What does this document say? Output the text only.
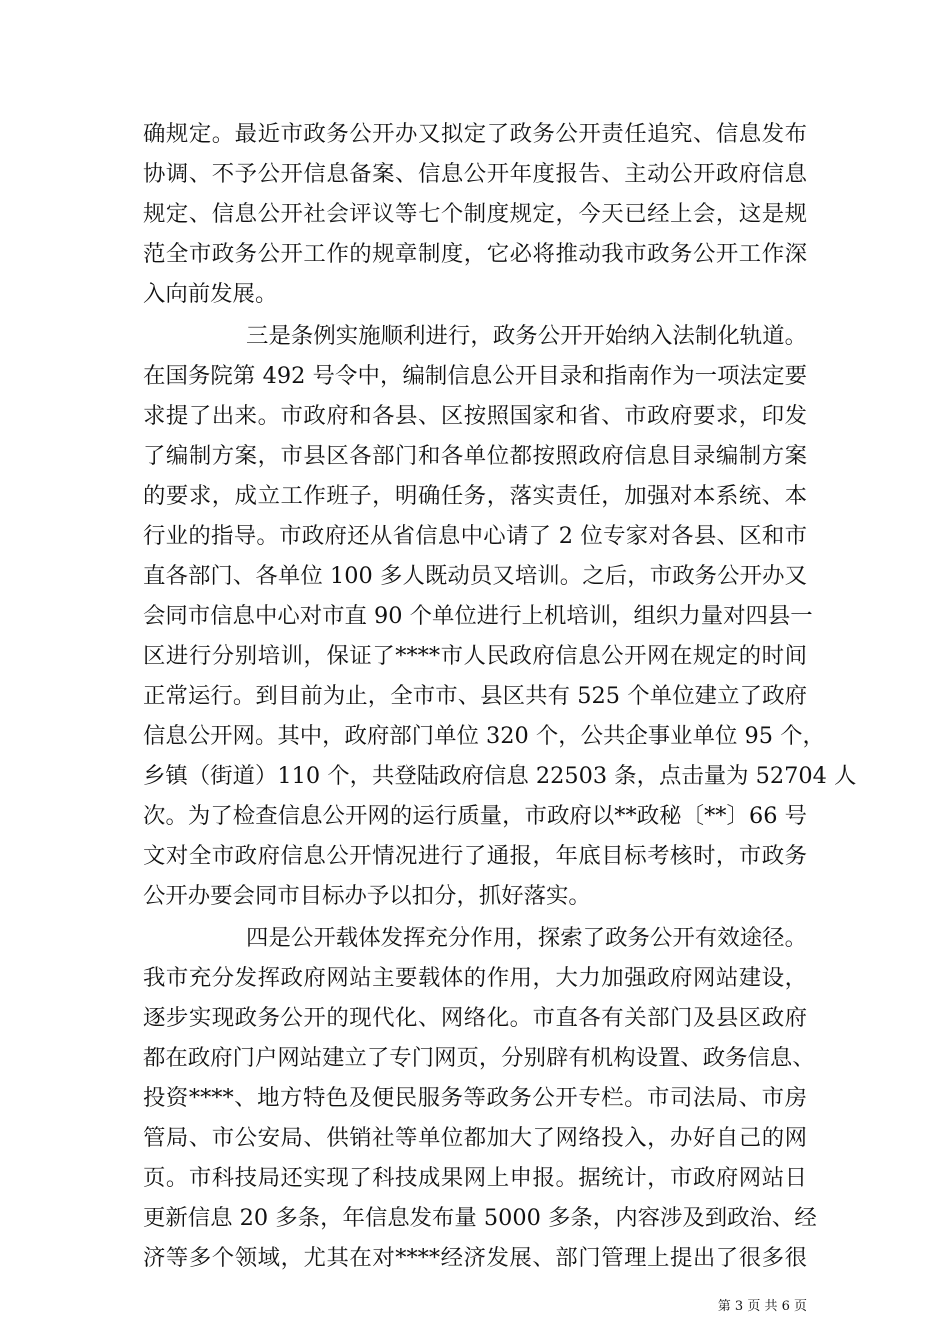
确规定。最近市政务公开办又拟定了政务公开责任追究、信息发布
协调、不予公开信息备案、信息公开年度报告、主动公开政府信息
规定、信息公开社会评议等七个制度规定，今天已经上会，这是规
范全市政务公开工作的规章制度，它必将推动我市政务公开工作深
入向前发展。
三是条例实施顺利进行，政务公开开始纳入法制化轨道。
在国务院第 492 号令中，编制信息公开目录和指南作为一项法定要
求提了出来。市政府和各县、区按照国家和省、市政府要求，印发
了编制方案，市县区各部门和各单位都按照政府信息目录编制方案
的要求，成立工作班子，明确任务，落实责任，加强对本系统、本
行业的指导。市政府还从省信息中心请了 2 位专家对各县、区和市
直各部门、各单位 100 多人既动员又培训。之后，市政务公开办又
会同市信息中心对市直 90 个单位进行上机培训，组织力量对四县一
区进行分别培训，保证了****市人民政府信息公开网在规定的时间
正常运行。到目前为止，全市市、县区共有 525 个单位建立了政府
信息公开网。其中，政府部门单位 320 个，公共企事业单位 95 个，
乡镇（街道）110 个，共登陆政府信息 22503 条，点击量为 52704 人
次。为了检查信息公开网的运行质量，市政府以**政秘〔**〕66 号
文对全市政府信息公开情况进行了通报，年底目标考核时，市政务
公开办要会同市目标办予以扣分，抓好落实。
四是公开载体发挥充分作用，探索了政务公开有效途径。
我市充分发挥政府网站主要载体的作用，大力加强政府网站建设，
逐步实现政务公开的现代化、网络化。市直各有关部门及县区政府
都在政府门户网站建立了专门网页，分别辟有机构设置、政务信息、
投资****、地方特色及便民服务等政务公开专栏。市司法局、市房
管局、市公安局、供销社等单位都加大了网络投入，办好自己的网
页。市科技局还实现了科技成果网上申报。据统计，市政府网站日
更新信息 20 多条，年信息发布量 5000 多条，内容涉及到政治、经
济等多个领域，尤其在对****经济发展、部门管理上提出了很多很
第 3 页 共 6 页
